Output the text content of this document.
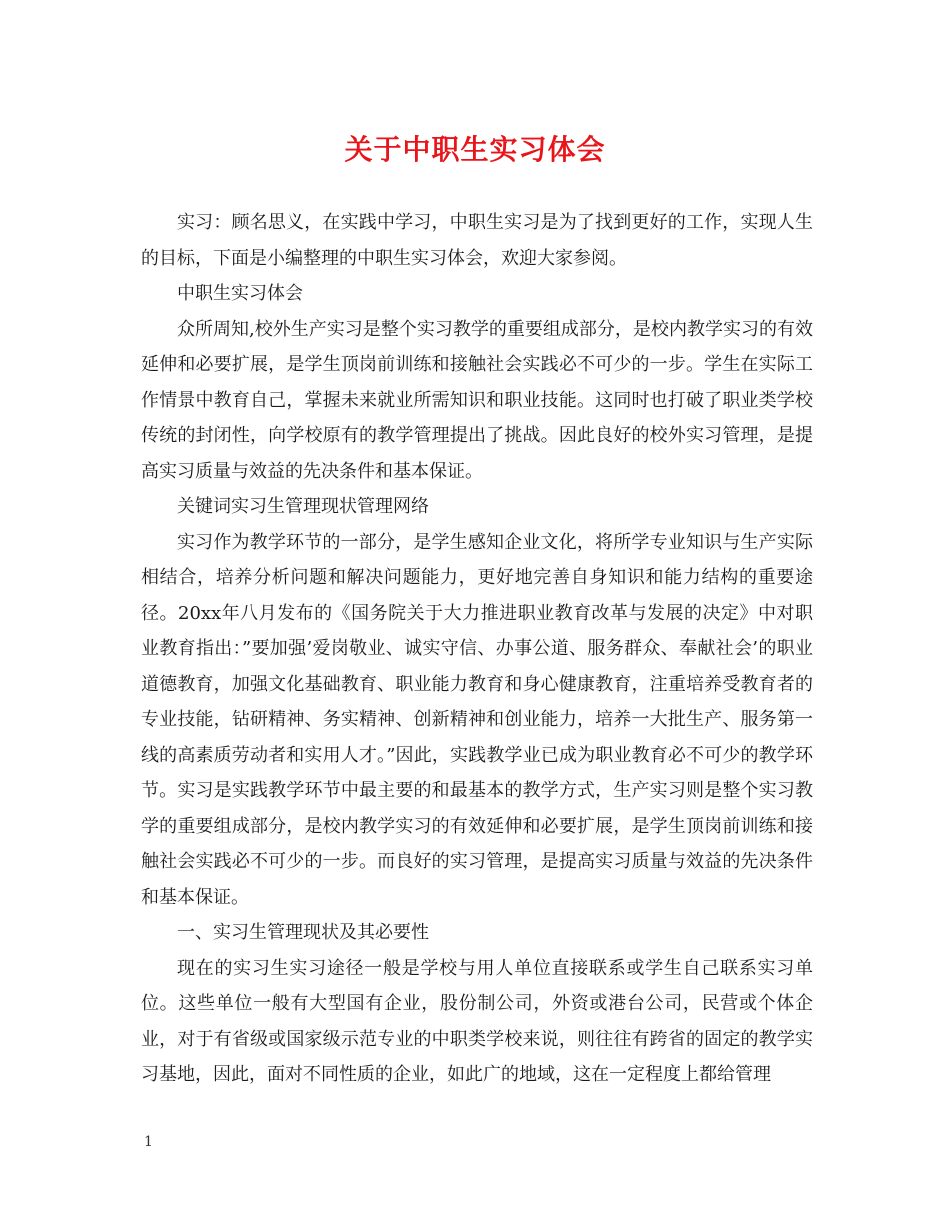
关于中职生实习体会

实习：顾名思义，在实践中学习，中职生实习是为了找到更好的工作，实现人生的目标，下面是小编整理的中职生实习体会，欢迎大家参阅。

中职生实习体会

众所周知,校外生产实习是整个实习教学的重要组成部分，是校内教学实习的有效延伸和必要扩展，是学生顶岗前训练和接触社会实践必不可少的一步。学生在实际工作情景中教育自己，掌握未来就业所需知识和职业技能。这同时也打破了职业类学校传统的封闭性，向学校原有的教学管理提出了挑战。因此良好的校外实习管理，是提高实习质量与效益的先决条件和基本保证。

关键词实习生管理现状管理网络

实习作为教学环节的一部分，是学生感知企业文化，将所学专业知识与生产实际相结合，培养分析问题和解决问题能力，更好地完善自身知识和能力结构的重要途径。20xx年八月发布的《国务院关于大力推进职业教育改革与发展的决定》中对职业教育指出：”要加强’爱岗敬业、诚实守信、办事公道、服务群众、奉献社会’的职业道德教育，加强文化基础教育、职业能力教育和身心健康教育，注重培养受教育者的专业技能，钻研精神、务实精神、创新精神和创业能力，培养一大批生产、服务第一线的高素质劳动者和实用人才。”因此，实践教学业已成为职业教育必不可少的教学环节。实习是实践教学环节中最主要的和最基本的教学方式，生产实习则是整个实习教学的重要组成部分，是校内教学实习的有效延伸和必要扩展，是学生顶岗前训练和接触社会实践必不可少的一步。而良好的实习管理，是提高实习质量与效益的先决条件和基本保证。

一、实习生管理现状及其必要性

现在的实习生实习途径一般是学校与用人单位直接联系或学生自己联系实习单位。这些单位一般有大型国有企业，股份制公司，外资或港台公司，民营或个体企业，对于有省级或国家级示范专业的中职类学校来说，则往往有跨省的固定的教学实习基地，因此，面对不同性质的企业，如此广的地域，这在一定程度上都给管理

1
